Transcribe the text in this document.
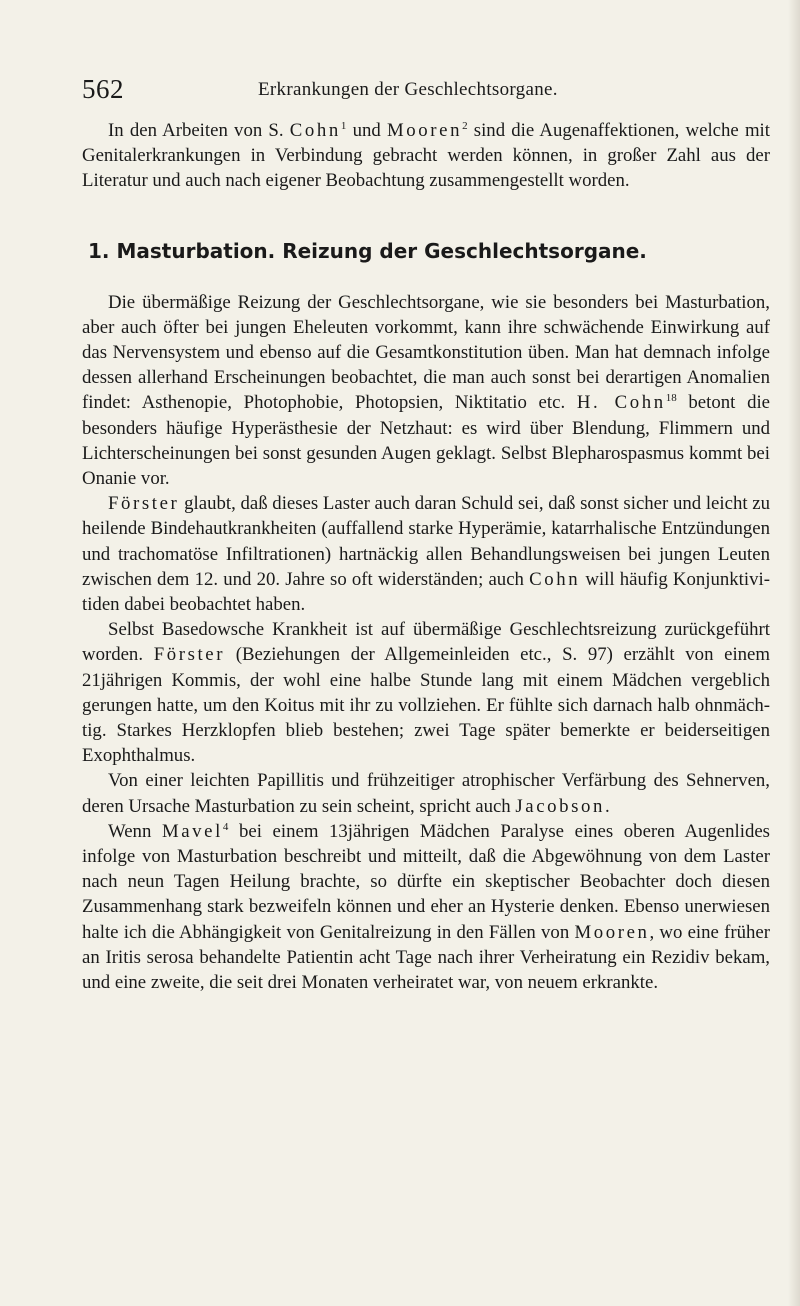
562	Erkrankungen der Geschlechtsorgane.

In den Arbeiten von S. Cohn$^1$ und Mooren$^2$ sind die Augenaffektionen, welche mit Genitalerkrankungen in Verbindung gebracht werden können, in großer Zahl aus der Literatur und auch nach eigener Beobachtung zusammengestellt worden.

1. Masturbation. Reizung der Geschlechtsorgane.

Die übermäßige Reizung der Geschlechtsorgane, wie sie besonders bei Masturbation, aber auch öfter bei jungen Eheleuten vorkommt, kann ihre schwächende Einwirkung auf das Nervensystem und ebenso auf die Gesamtkonstitution üben. Man hat demnach infolge dessen allerhand Erscheinungen beobachtet, die man auch sonst bei derartigen Anomalien findet: Asthenopie, Photophobie, Photopsien, Niktitatio etc. H. Cohn$^{18}$ betont die besonders häufige Hyperästhesie der Netzhaut: es wird über Blendung, Flimmern und Lichterscheinungen bei sonst gesunden Augen geklagt. Selbst Blepharospasmus kommt bei Onanie vor.

Förster glaubt, daß dieses Laster auch daran Schuld sei, daß sonst sicher und leicht zu heilende Bindehautkrankheiten (auffallend starke Hyperämie, katarrhalische Entzündungen und trachomatöse Infiltrationen) hartnäckig allen Behandlungsweisen bei jungen Leuten zwischen dem 12. und 20. Jahre so oft widerständen; auch Cohn will häufig Konjunktivitiden dabei beobachtet haben.

Selbst Basedowsche Krankheit ist auf übermäßige Geschlechtsreizung zurückgeführt worden. Förster (Beziehungen der Allgemeinleiden etc., S. 97) erzählt von einem 21jährigen Kommis, der wohl eine halbe Stunde lang mit einem Mädchen vergeblich gerungen hatte, um den Koitus mit ihr zu vollziehen. Er fühlte sich darnach halb ohnmächtig. Starkes Herzklopfen blieb bestehen; zwei Tage später bemerkte er beiderseitigen Exophthalmus.

Von einer leichten Papillitis und frühzeitiger atrophischer Verfärbung des Sehnerven, deren Ursache Masturbation zu sein scheint, spricht auch Jacobson.

Wenn Mavel$^4$ bei einem 13jährigen Mädchen Paralyse eines oberen Augenlides infolge von Masturbation beschreibt und mitteilt, daß die Abgewöhnung von dem Laster nach neun Tagen Heilung brachte, so dürfte ein skeptischer Beobachter doch diesen Zusammenhang stark bezweifeln können und eher an Hysterie denken. Ebenso unerwiesen halte ich die Abhängigkeit von Genitalreizung in den Fällen von Mooren, wo eine früher an Iritis serosa behandelte Patientin acht Tage nach ihrer Verheiratung ein Rezidiv bekam, und eine zweite, die seit drei Monaten verheiratet war, von neuem erkrankte.
